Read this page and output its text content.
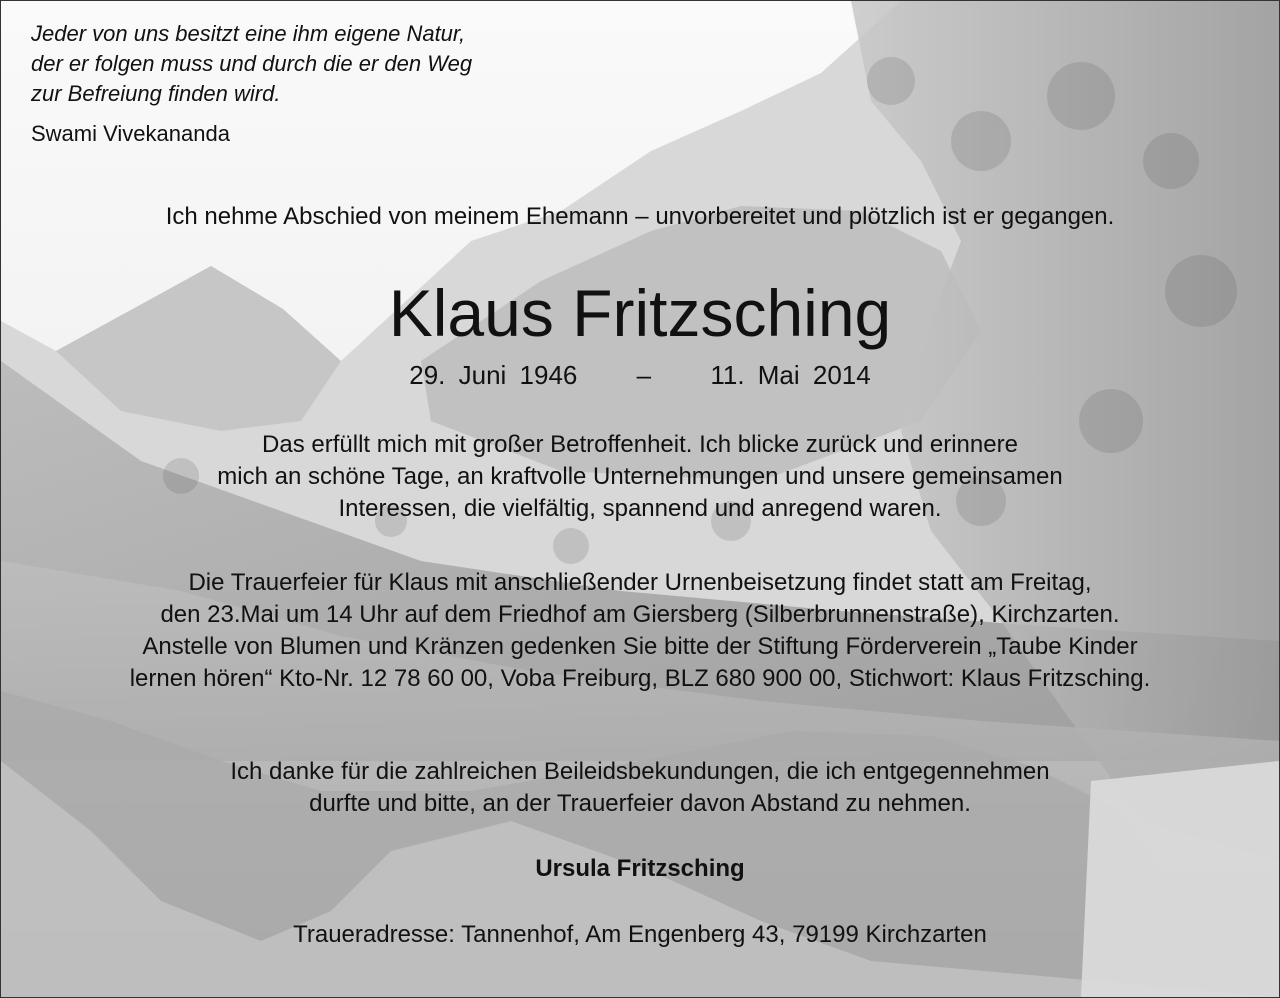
Jeder von uns besitzt eine ihm eigene Natur,
der er folgen muss und durch die er den Weg
zur Befreiung finden wird.
Swami Vivekananda
Ich nehme Abschied von meinem Ehemann – unvorbereitet und plötzlich ist er gegangen.
Klaus Fritzsching
29. Juni 1946 – 11. Mai 2014
Das erfüllt mich mit großer Betroffenheit. Ich blicke zurück und erinnere
mich an schöne Tage, an kraftvolle Unternehmungen und unsere gemeinsamen
Interessen, die vielfältig, spannend und anregend waren.
Die Trauerfeier für Klaus mit anschließender Urnenbeisetzung findet statt am Freitag,
den 23.Mai um 14 Uhr auf dem Friedhof am Giersberg (Silberbrunnenstraße), Kirchzarten.
Anstelle von Blumen und Kränzen gedenken Sie bitte der Stiftung Förderverein „Taube Kinder
lernen hören“ Kto-Nr. 12 78 60 00, Voba Freiburg, BLZ 680 900 00, Stichwort: Klaus Fritzsching.
Ich danke für die zahlreichen Beileidsbekundungen, die ich entgegennehmen
durfte und bitte, an der Trauerfeier davon Abstand zu nehmen.
Ursula Fritzsching
Traueradresse: Tannenhof, Am Engenberg 43, 79199 Kirchzarten
